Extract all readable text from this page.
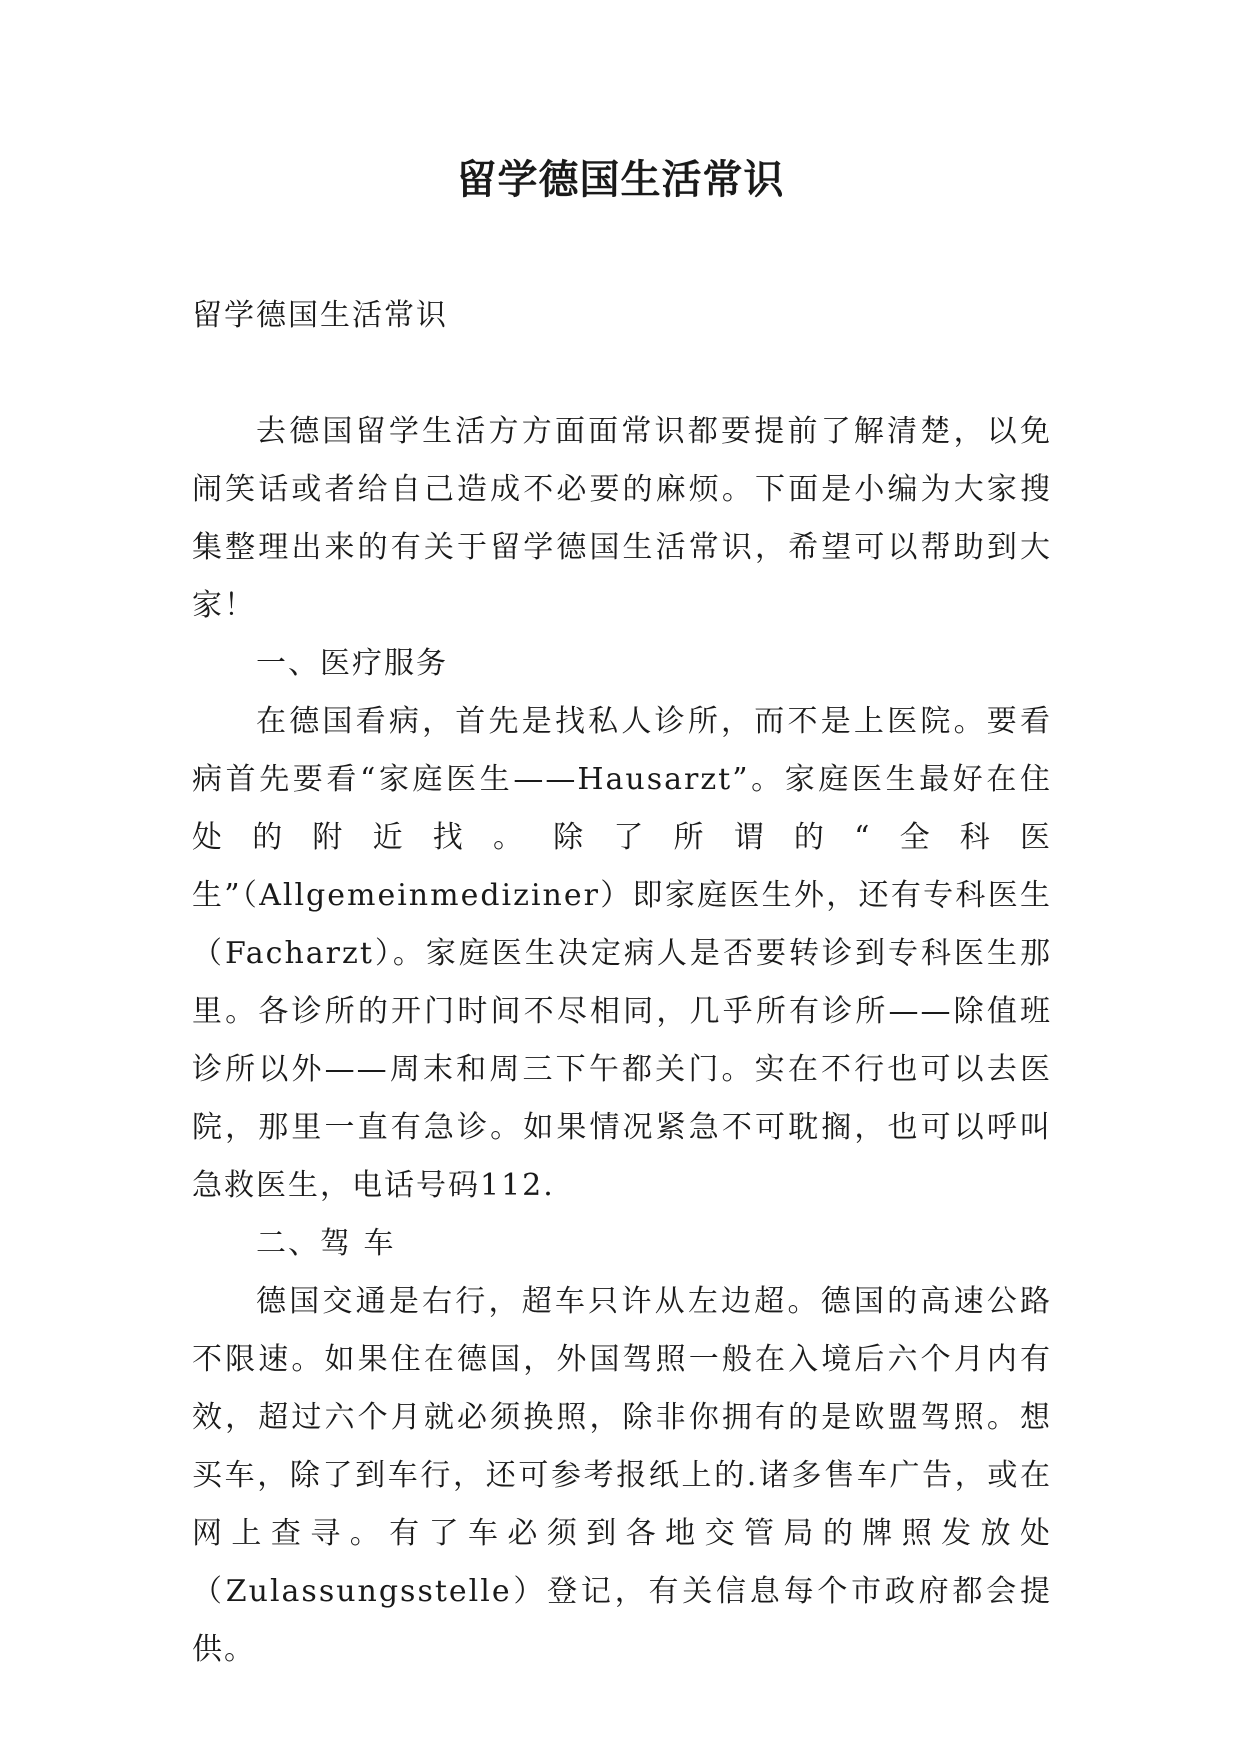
留学德国生活常识
留学德国生活常识

去德国留学生活方方面面常识都要提前了解清楚，以免闹笑话或者给自己造成不必要的麻烦。下面是小编为大家搜集整理出来的有关于留学德国生活常识，希望可以帮助到大家！

一、医疗服务

在德国看病，首先是找私人诊所，而不是上医院。要看病首先要看“家庭医生——Hausarzt”。家庭医生最好在住处的附近找。除了所谓的“全科医生”（Allgemeinmediziner）即家庭医生外，还有专科医生（Facharzt）。家庭医生决定病人是否要转诊到专科医生那里。各诊所的开门时间不尽相同，几乎所有诊所——除值班诊所以外——周末和周三下午都关门。实在不行也可以去医院，那里一直有急诊。如果情况紧急不可耽搁，也可以呼叫急救医生，电话号码112.

二、驾 车

德国交通是右行，超车只许从左边超。德国的高速公路不限速。如果住在德国，外国驾照一般在入境后六个月内有效，超过六个月就必须换照，除非你拥有的是欧盟驾照。想买车，除了到车行，还可参考报纸上的.诸多售车广告，或在网上查寻。有了车必须到各地交管局的牌照发放处（Zulassungsstelle）登记，有关信息每个市政府都会提供。
